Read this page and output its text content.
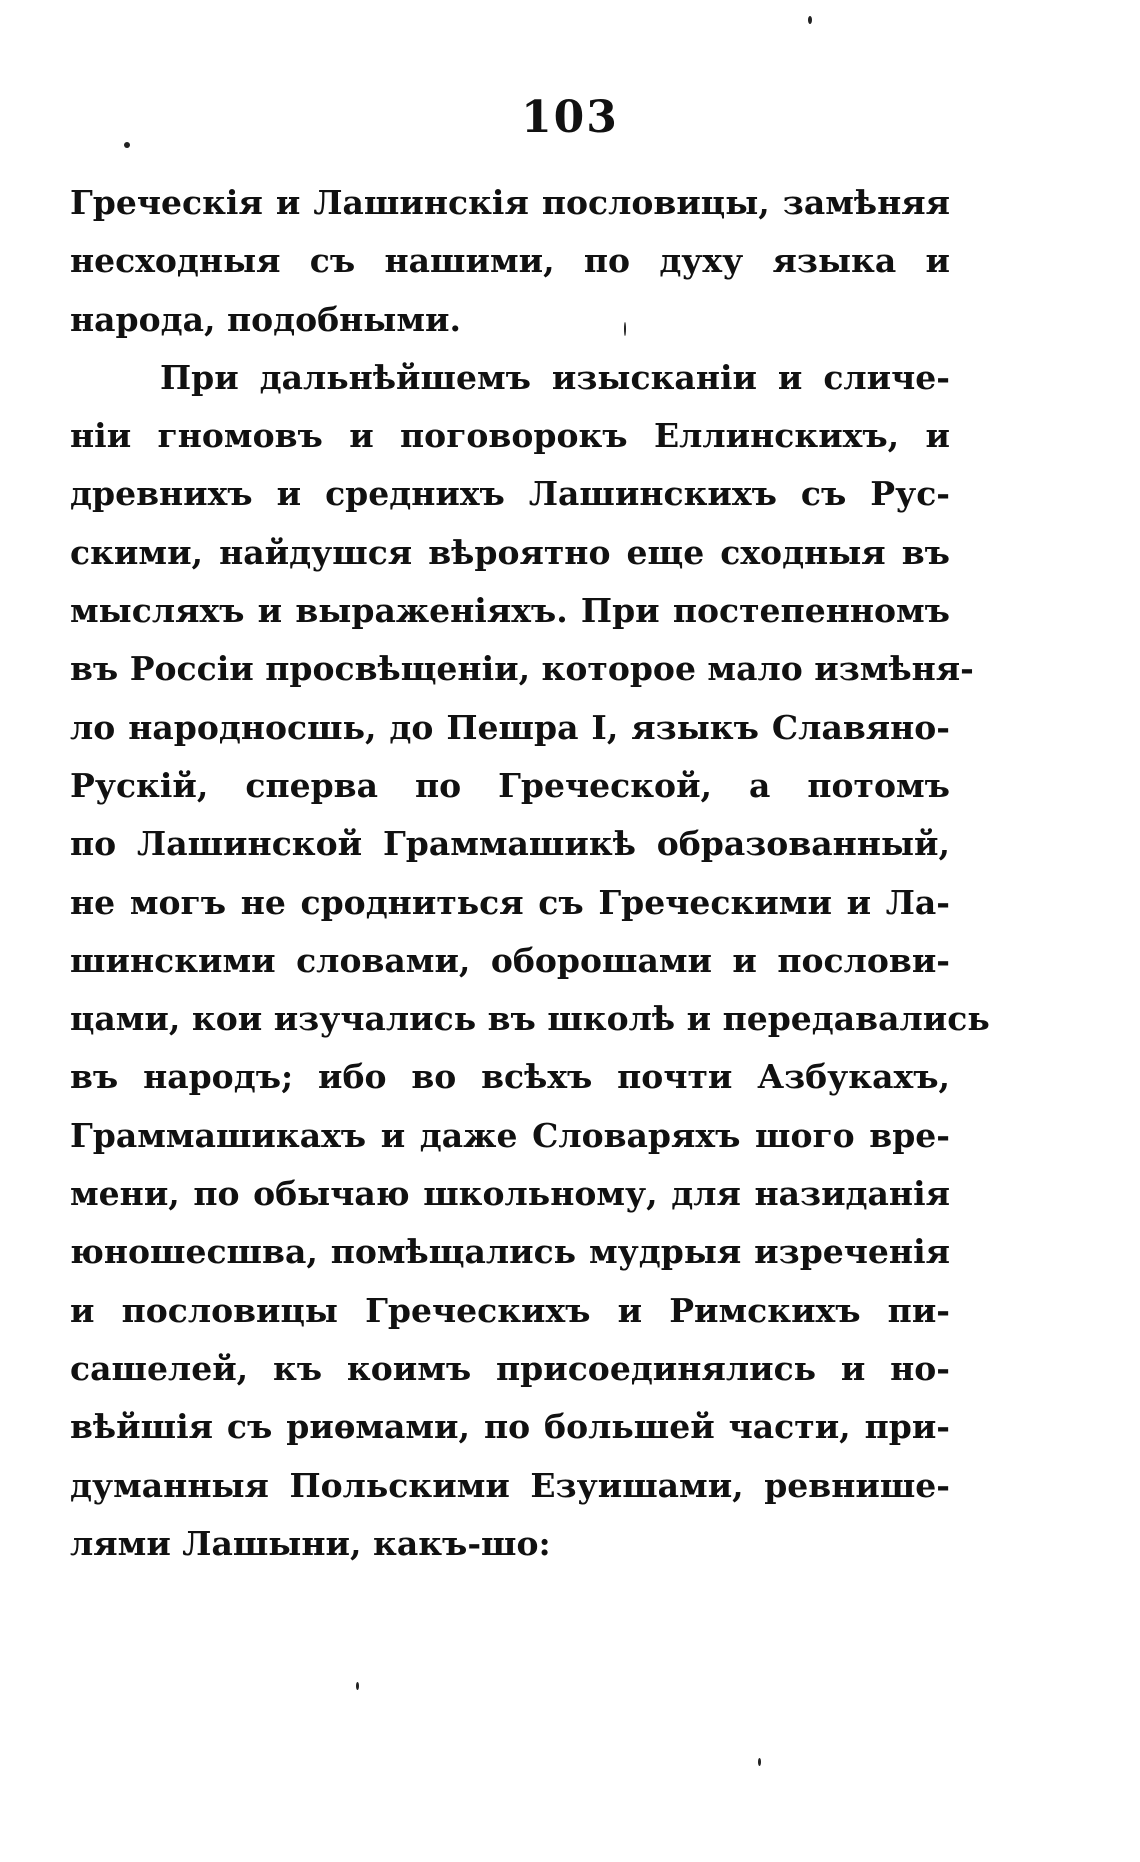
103
Греческія и Лашинскія пословицы, замѣняя
несходныя съ нашими, по духу языка и
народа, подобными.
При дальнѣйшемъ изысканіи и сличе-
ніи гномовъ и поговорокъ Еллинскихъ, и
древнихъ и среднихъ Лашинскихъ съ Рус-
скими, найдушся вѣроятно еще сходныя въ
мысляхъ и выраженіяхъ. При постепенномъ
въ Россіи просвѣщеніи, которое мало измѣня-
ло народносшь, до Пешра I, языкъ Славяно-
Рускій, сперва по Греческой, а потомъ
по Лашинской Граммашикѣ образованный,
не могъ не сродниться съ Греческими и Ла-
шинскими словами, оборошами и послови-
цами, кои изучались въ школѣ и передавались
въ народъ; ибо во всѣхъ почти Азбукахъ,
Граммашикахъ и даже Словаряхъ шого вре-
мени, по обычаю школьному, для назиданія
юношесшва, помѣщались мудрыя изреченія
и пословицы Греческихъ и Римскихъ пи-
сашелей, къ коимъ присоединялись и но-
вѣйшія съ риѳмами, по большей части, при-
думанныя Польскими Езуишами, ревнише-
лями Лашыни, какъ-шо:
